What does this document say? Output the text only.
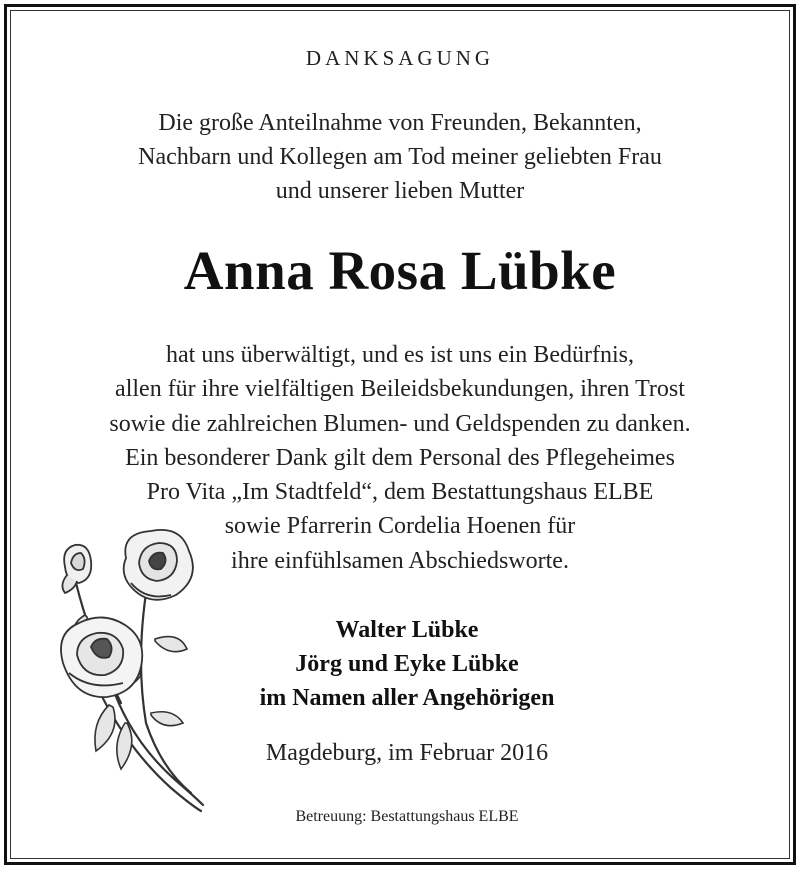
DANKSAGUNG
Die große Anteilnahme von Freunden, Bekannten,
Nachbarn und Kollegen am Tod meiner geliebten Frau
und unserer lieben Mutter
Anna Rosa Lübke
hat uns überwältigt, und es ist uns ein Bedürfnis,
allen für ihre vielfältigen Beileidsbekundungen, ihren Trost
sowie die zahlreichen Blumen- und Geldspenden zu danken.
Ein besonderer Dank gilt dem Personal des Pflegeheimes
Pro Vita „Im Stadtfeld“, dem Bestattungshaus ELBE
sowie Pfarrerin Cordelia Hoenen für
ihre einfühlsamen Abschiedsworte.
Walter Lübke
Jörg und Eyke Lübke
im Namen aller Angehörigen
Magdeburg, im Februar 2016
Betreuung: Bestattungshaus ELBE
